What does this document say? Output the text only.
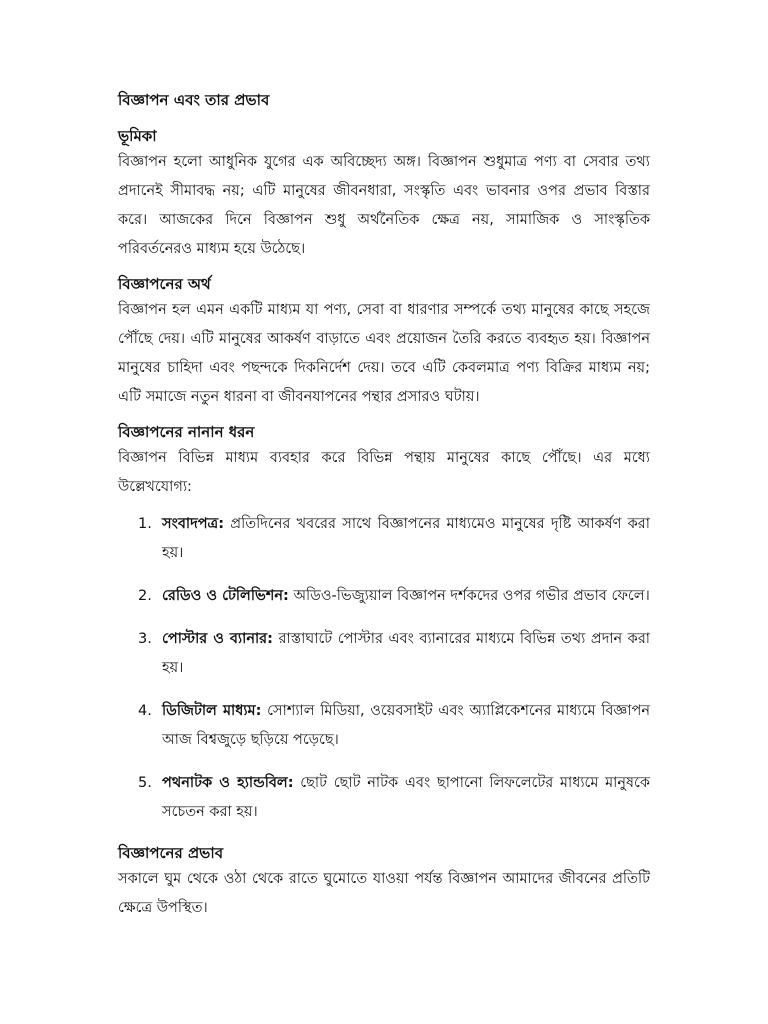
বিজ্ঞাপন এবং তার প্রভাব
ভূমিকা

বিজ্ঞাপন হলো আধুনিক যুগের এক অবিচ্ছেদ্য অঙ্গ। বিজ্ঞাপন শুধুমাত্র পণ্য বা সেবার তথ্য প্রদানেই সীমাবদ্ধ নয়; এটি মানুষের জীবনধারা, সংস্কৃতি এবং ভাবনার ওপর প্রভাব বিস্তার করে। আজকের দিনে বিজ্ঞাপন শুধু অর্থনৈতিক ক্ষেত্র নয়, সামাজিক ও সাংস্কৃতিক পরিবর্তনেরও মাধ্যম হয়ে উঠেছে।

বিজ্ঞাপনের অর্থ

বিজ্ঞাপন হল এমন একটি মাধ্যম যা পণ্য, সেবা বা ধারণার সম্পর্কে তথ্য মানুষের কাছে সহজে পৌঁছে দেয়। এটি মানুষের আকর্ষণ বাড়াতে এবং প্রয়োজন তৈরি করতে ব্যবহৃত হয়। বিজ্ঞাপন মানুষের চাহিদা এবং পছন্দকে দিকনির্দেশ দেয়। তবে এটি কেবলমাত্র পণ্য বিক্রির মাধ্যম নয়; এটি সমাজে নতুন ধারনা বা জীবনযাপনের পন্থার প্রসারও ঘটায়।

বিজ্ঞাপনের নানান ধরন

বিজ্ঞাপন বিভিন্ন মাধ্যম ব্যবহার করে বিভিন্ন পন্থায় মানুষের কাছে পৌঁছে। এর মধ্যে উল্লেখযোগ্য:

1. সংবাদপত্র: প্রতিদিনের খবরের সাথে বিজ্ঞাপনের মাধ্যমেও মানুষের দৃষ্টি আকর্ষণ করা হয়।
2. রেডিও ও টেলিভিশন: অডিও-ভিজ্যুয়াল বিজ্ঞাপন দর্শকদের ওপর গভীর প্রভাব ফেলে।
3. পোস্টার ও ব্যানার: রাস্তাঘাটে পোস্টার এবং ব্যানারের মাধ্যমে বিভিন্ন তথ্য প্রদান করা হয়।
4. ডিজিটাল মাধ্যম: সোশ্যাল মিডিয়া, ওয়েবসাইট এবং অ্যাপ্লিকেশনের মাধ্যমে বিজ্ঞাপন আজ বিশ্বজুড়ে ছড়িয়ে পড়েছে।
5. পথনাটক ও হ্যান্ডবিল: ছোট ছোট নাটক এবং ছাপানো লিফলেটের মাধ্যমে মানুষকে সচেতন করা হয়।
বিজ্ঞাপনের প্রভাব

সকালে ঘুম থেকে ওঠা থেকে রাতে ঘুমোতে যাওয়া পর্যন্ত বিজ্ঞাপন আমাদের জীবনের প্রতিটি ক্ষেত্রে উপস্থিত।
